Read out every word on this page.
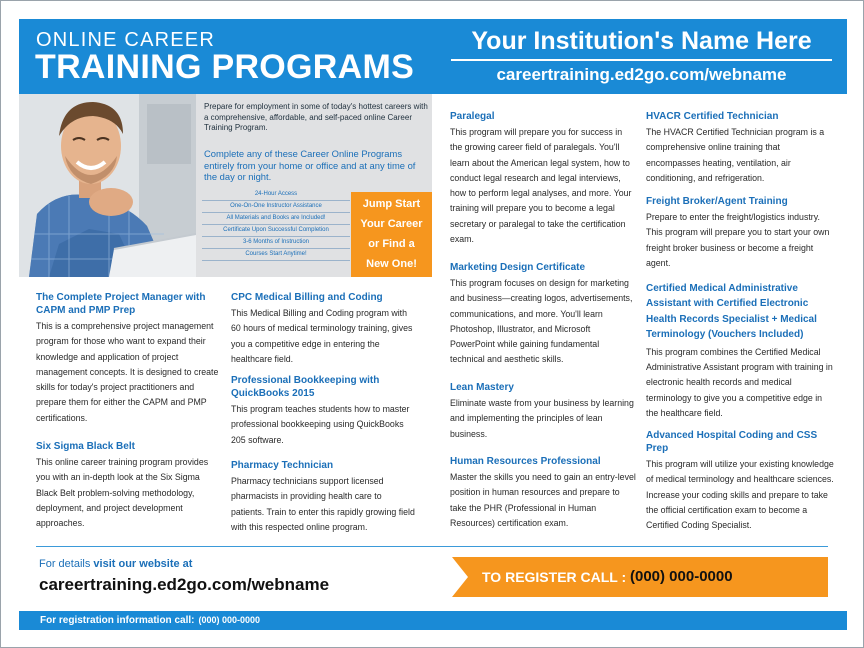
ONLINE CAREER
TRAINING PROGRAMS
Your Institution's Name Here
careertraining.ed2go.com/webname
Prepare for employment in some of today's hottest careers with a comprehensive, affordable, and self-paced online Career Training Program.
Complete any of these Career Online Programs entirely from your home or office and at any time of the day or night.
24-Hour Access
One-On-One Instructor Assistance
All Materials and Books are Included!
Certificate Upon Successful Completion
3-6 Months of Instruction
Courses Start Anytime!
Jump Start
Your Career
or Find a
New One!
The Complete Project Manager with CAPM and PMP Prep

This is a comprehensive project management program for those who want to expand their knowledge and application of project management concepts. It is designed to create skills for today's project practitioners and prepare them for either the CAPM and PMP certifications.

Six Sigma Black Belt

This online career training program provides you with an in-depth look at the Six Sigma Black Belt problem-solving methodology, deployment, and project development approaches.

CPC Medical Billing and Coding

This Medical Billing and Coding program with 60 hours of medical terminology training, gives you a competitive edge in entering the healthcare field.

Professional Bookkeeping with QuickBooks 2015

This program teaches students how to master professional bookkeeping using QuickBooks 205 software.

Pharmacy Technician

Pharmacy technicians support licensed pharmacists in providing health care to patients. Train to enter this rapidly growing field with this respected online program.

Paralegal

This program will prepare you for success in the growing career field of paralegals. You'll learn about the American legal system, how to conduct legal research and legal interviews, how to perform legal analyses, and more. Your training will prepare you to become a legal secretary or paralegal to take the certification exam.

Marketing Design Certificate

This program focuses on design for marketing and business—creating logos, advertisements, communications, and more. You'll learn Photoshop, Illustrator, and Microsoft PowerPoint while gaining fundamental technical and aesthetic skills.

Lean Mastery

Eliminate waste from your business by learning and implementing the principles of lean business.

Human Resources Professional

Master the skills you need to gain an entry-level position in human resources and prepare to take the PHR (Professional in Human Resources) certification exam.

HVACR Certified Technician

The HVACR Certified Technician program is a comprehensive online training that encompasses heating, ventilation, air conditioning, and refrigeration.

Freight Broker/Agent Training

Prepare to enter the freight/logistics industry. This program will prepare you to start your own freight broker business or become a freight agent.

Certified Medical Administrative Assistant with Certified Electronic Health Records Specialist + Medical Terminology (Vouchers Included)

This program combines the Certified Medical Administrative Assistant program with training in electronic health records and medical terminology to give you a competitive edge in the healthcare field.

Advanced Hospital Coding and CSS Prep

This program will utilize your existing knowledge of medical terminology and healthcare sciences. Increase your coding skills and prepare to take the official certification exam to become a Certified Coding Specialist.

For details visit our website at
careertraining.ed2go.com/webname	TO REGISTER CALL : (000) 000-0000
For registration information call: (000) 000-0000
